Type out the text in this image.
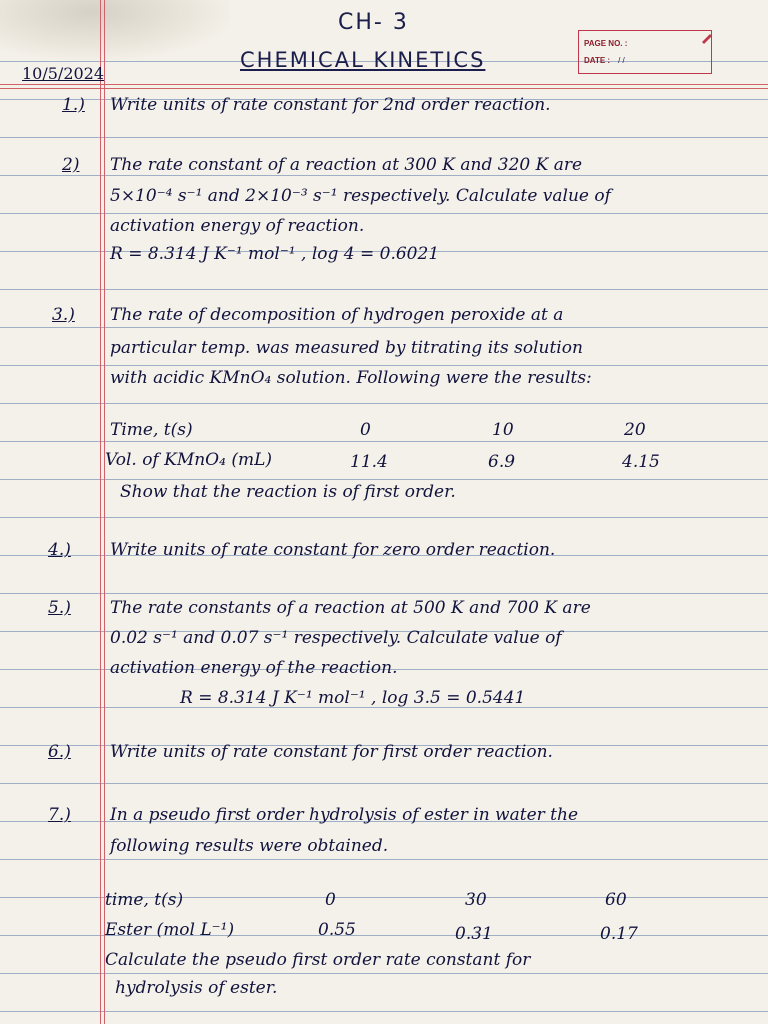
CH- 3
CHEMICAL KINETICS
10/5/2024
PAGE NO. :
DATE : / /
1.) Write units of rate constant for 2nd order reaction.
2) The rate constant of a reaction at 300 K and 320 K are
5×10⁻⁴ s⁻¹ and 2×10⁻³ s⁻¹ respectively. Calculate value of
activation energy of reaction.
R = 8.314 J K⁻¹ mol⁻¹ , log 4 = 0.6021
3.) The rate of decomposition of hydrogen peroxide at a
particular temp. was measured by titrating its solution
with acidic KMnO₄ solution. Following were the results:
Time, t(s)	0	10	20
Vol. of KMnO₄ (mL)	11.4	6.9	4.15
Show that the reaction is of first order.
4.) Write units of rate constant for zero order reaction.
5.) The rate constants of a reaction at 500 K and 700 K are
0.02 s⁻¹ and 0.07 s⁻¹ respectively. Calculate value of
activation energy of the reaction.
R = 8.314 J K⁻¹ mol⁻¹ , log 3.5 = 0.5441
6.) Write units of rate constant for first order reaction.
7.) In a pseudo first order hydrolysis of ester in water the
following results were obtained.
time, t(s)	0	30	60
Ester (mol L⁻¹)	0.55	0.31	0.17
Calculate the pseudo first order rate constant for
hydrolysis of ester.
